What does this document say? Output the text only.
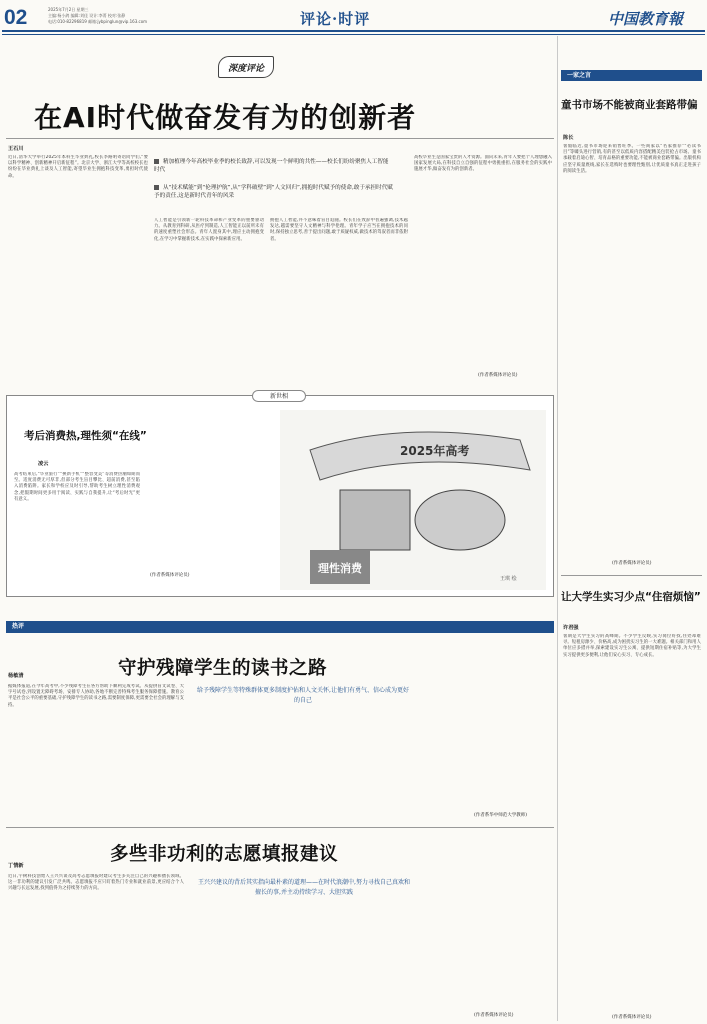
02	2025年7月2日 星期三
主编:杨小鸽 编辑:刘佳 设计:李菁 校对:张静
电话:010-82296819 邮箱:jybpinglun@vip.163.com	评论·时评	中国教育報
深度评论
在AI时代做奋发有为的创新者
王石川
精加植理今年高校毕业季的校长致辞,可以发现一个鲜明的共性——校长们纷纷聚焦人工智能时代
从“技术赋能”到“伦理护航”,从“学科破壁”到“人文回归”,拥抱时代赋予的使命,敢于承担时代赋予的责任,这是新时代青年的风采
近日,清华大学举行2025年本科生毕业典礼,校长李路明寄语同学们,“要以科学精神、创新精神开启新征程”。北京大学、浙江大学等高校校长也纷纷在毕业典礼上谈及人工智能,寄望毕业生拥抱科技变革,勇担时代使命。
人工智能是引领新一轮科技革命和产业变革的重要驱动力。从教育到科研,从医疗到制造,人工智能正以前所未有的速度重塑社会形态。青年人置身其中,理应主动拥抱变化,在学习中掌握新技术,在实践中探索新应用。
拥抱人工智能,并不意味着盲目追随。校长们在致辞中普遍强调,技术越发达,越需要坚守人文精神与科学伦理。青年学子应当在拥抱技术的同时,保持独立思考,善于提出问题,敢于质疑权威,做技术的驾驭者而非依附者。
高校毕业生是国家宝贵的人才资源。面向未来,青年人要把个人理想融入国家发展大局,在科技自立自强的征程中勇挑重担,在服务社会的实践中施展才华,做奋发有为的创新者。
(作者系媒体评论员)
一家之言
童书市场不能被商业套路带偏
陈长
暑假临近,童书市场迎来销售旺季。一些商家以“名家推荐”“必读书目”等噱头进行营销,有的甚至以低质内容搭配精美包装抢占市场。童书承载着启迪心智、培育品格的重要功能,不能被商业套路带偏。出版机构应坚守质量底线,家长在选购时也要理性甄别,让优质童书真正走进孩子的阅读生活。
(作者系媒体评论员)
让大学生实习少点“住宿烦恼”
许君强
暑期是大学生实习的高峰期。不少学生反映,实习岗位好找,住处却难寻。短租房源少、价格高,成为困扰实习生的一大难题。相关部门和用人单位应多措并举,探索建设实习生公寓、提供短期住宿补贴等,为大学生实习提供更多便利,让他们安心实习、专心成长。
(作者系媒体评论员)
新世相
考后消费热,理性须“在线”
凌云
高考结束后,“毕业旅行”“换新手机”“整容变美”等消费热潮如期而至。适度消费无可厚非,但部分考生盲目攀比、超前消费,甚至陷入消费陷阱。家长和学校应及时引导,帮助考生树立理性消费观念,把假期时间更多用于阅读、实践与自我提升,让“考后时光”更有意义。
(作者系媒体评论员)
2025年高考
理性消费
王琪 绘
热评
守护残障学生的读书之路
杨敏清
给予残障学生等特殊群体更多制度护佑和人文关怀,让他们有勇气、信心成为更好的自己
据媒体报道,在今年高考中,不少残障考生在各方帮助下顺利完成考试。从提供盲文试卷、大字号试卷,到设置无障碍考场、安排专人协助,各地不断完善特殊考生服务保障措施。教育公平是社会公平的重要基础,守护残障学生的读书之路,需要制度保障,更需要全社会的理解与支持。
(作者系华中师范大学教师)
多些非功利的志愿填报建议
丁情新
王兴兴建议的背后其实指向最朴素的道理——在时代浪潮中,努力寻找自己真欢和擅长的事,并主动持续学习、大胆实践
近日,宇树科技创始人王兴兴谈及高考志愿填报时建议考生多关注自己的兴趣和擅长领域。这一非功利的建议引发广泛共鸣。志愿填报不应只盯着热门专业和就业前景,更应结合个人兴趣与长远发展,找到值得为之持续努力的方向。
(作者系媒体评论员)
